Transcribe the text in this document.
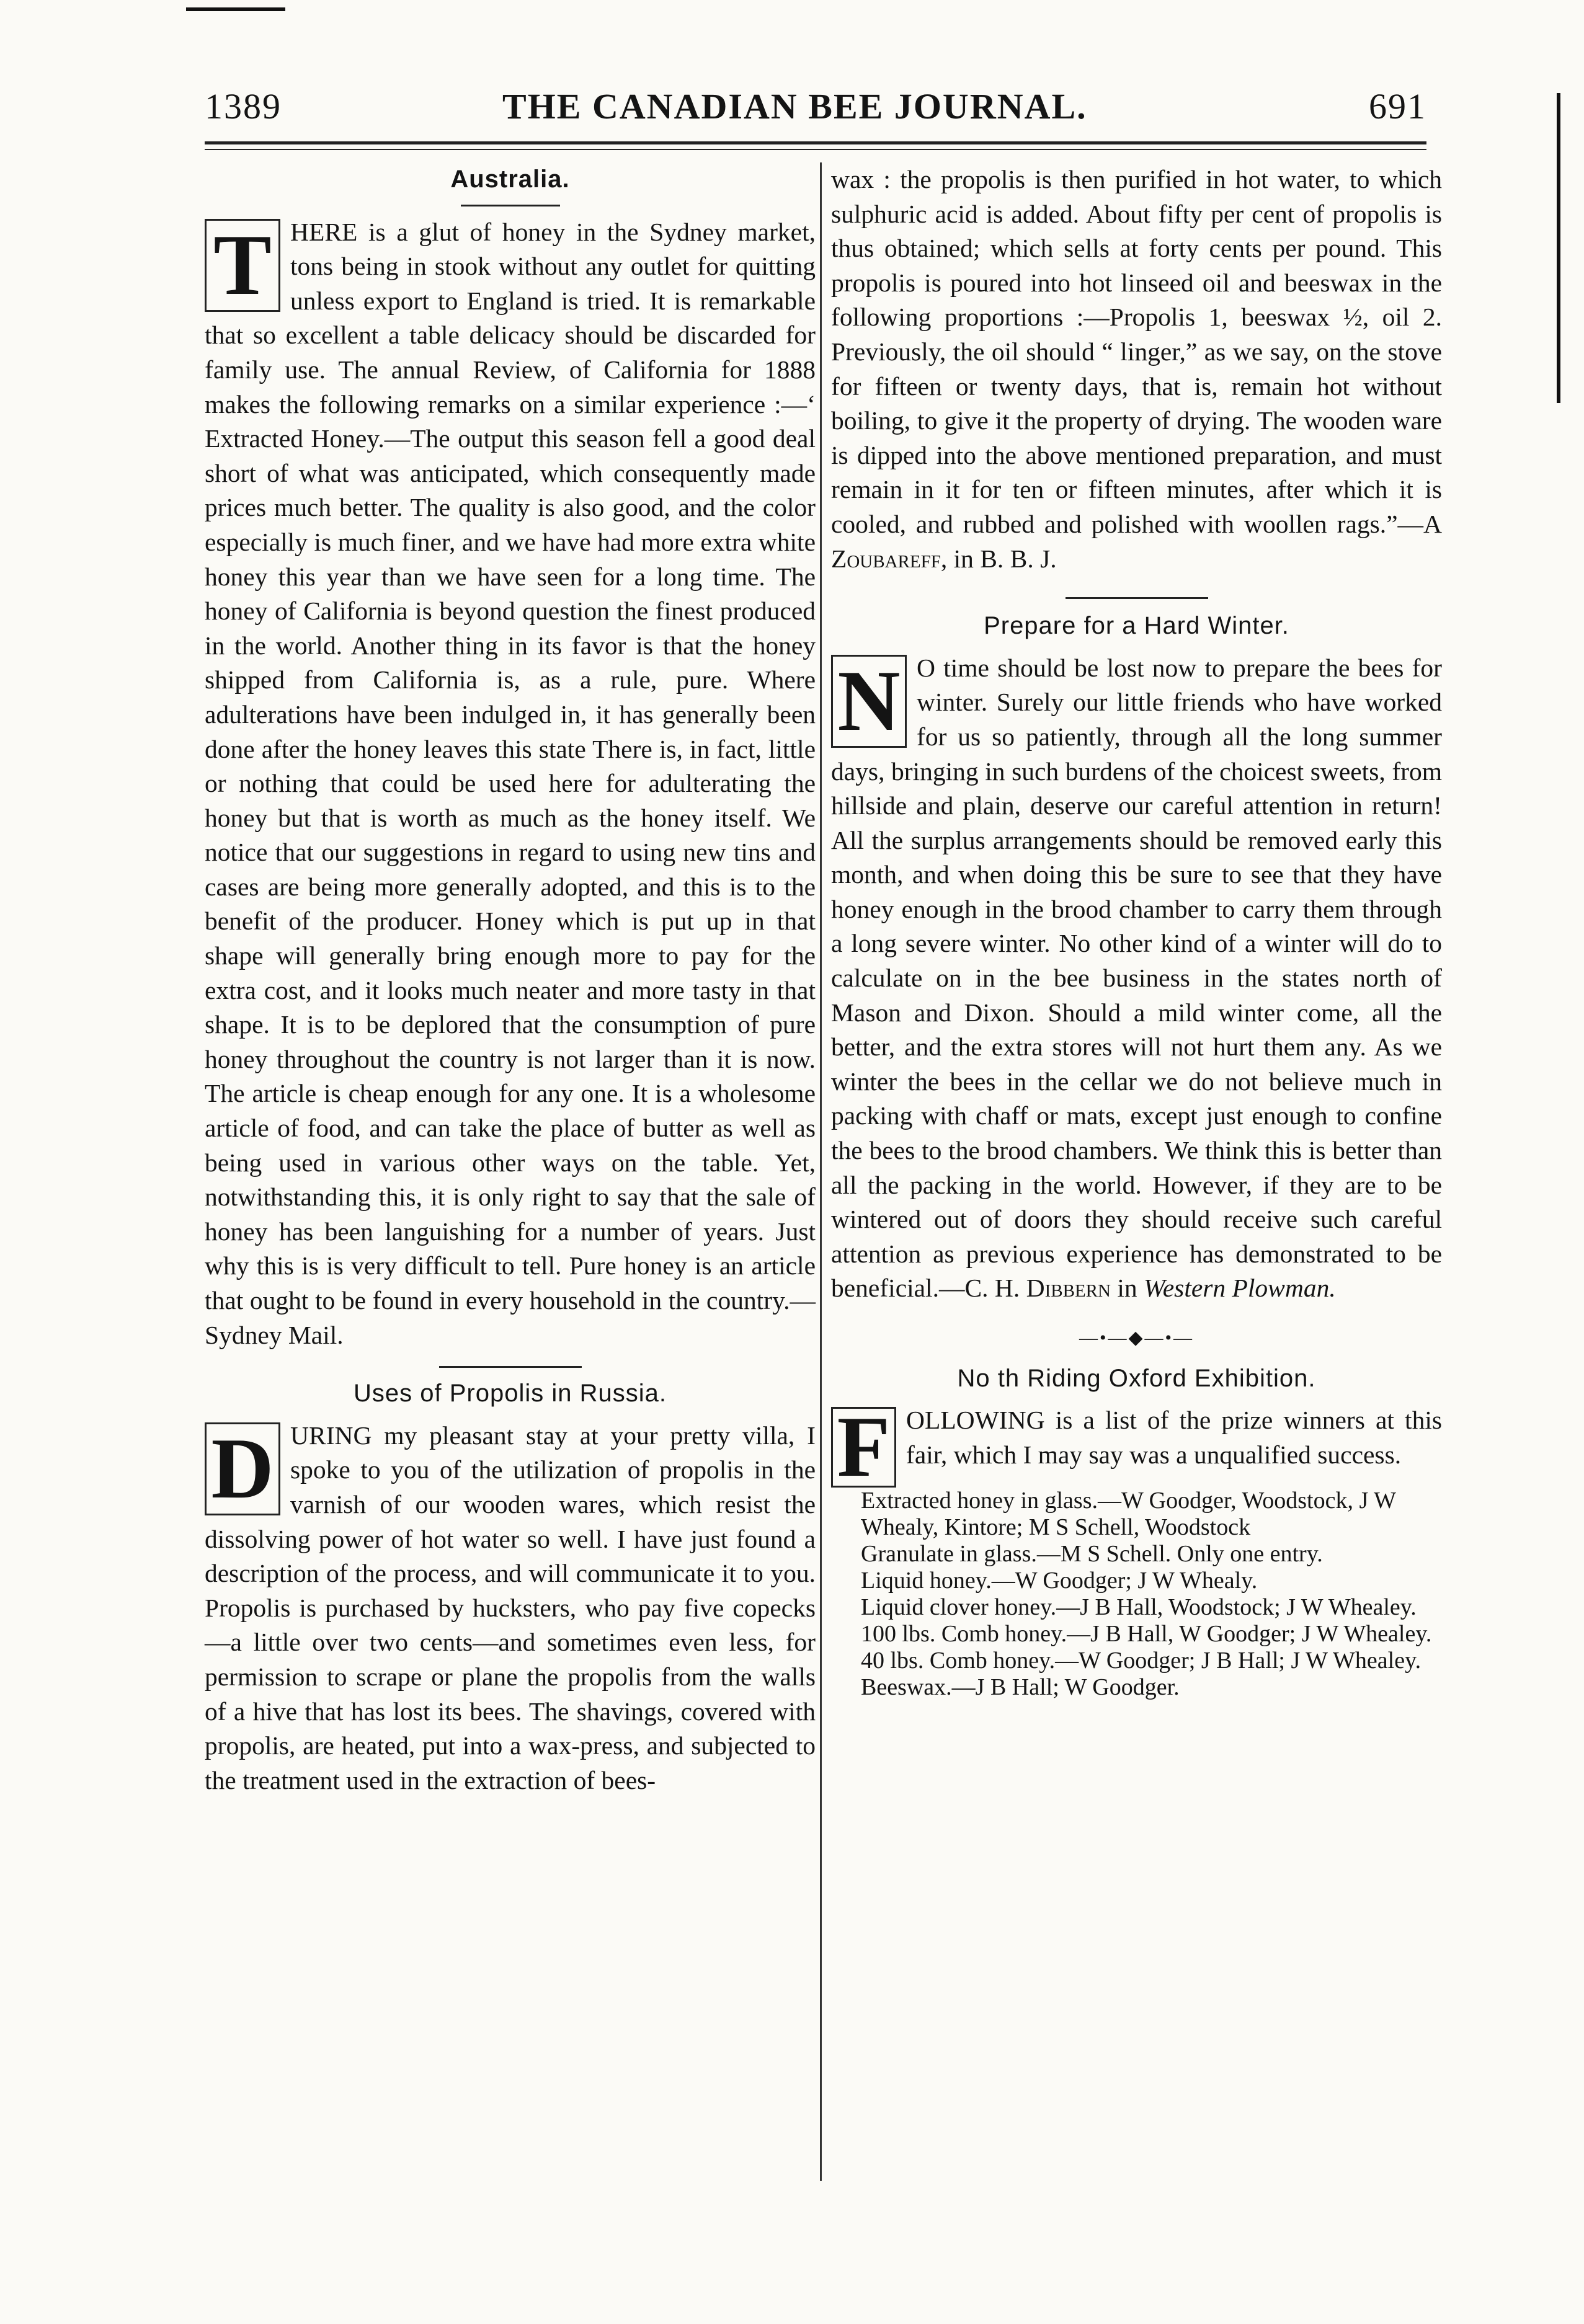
1389	THE CANADIAN BEE JOURNAL.	691
Australia.

T HERE is a glut of honey in the Sydney market, tons being in stook without any outlet for quitting unless export to England is tried. It is remarkable that so excellent a table delicacy should be discarded for family use. The annual Review, of California for 1888 makes the following remarks on a similar experience :—‘ Extracted Honey.—The output this season fell a good deal short of what was anticipated, which consequently made prices much better. The quality is also good, and the color especially is much finer, and we have had more extra white honey this year than we have seen for a long time. The honey of California is beyond question the finest produced in the world. Another thing in its favor is that the honey shipped from California is, as a rule, pure. Where adulterations have been indulged in, it has generally been done after the honey leaves this state There is, in fact, little or nothing that could be used here for adulterating the honey but that is worth as much as the honey itself. We notice that our suggestions in regard to using new tins and cases are being more generally adopted, and this is to the benefit of the producer. Honey which is put up in that shape will generally bring enough more to pay for the extra cost, and it looks much neater and more tasty in that shape. It is to be deplored that the consumption of pure honey throughout the country is not larger than it is now. The article is cheap enough for any one. It is a wholesome article of food, and can take the place of butter as well as being used in various other ways on the table. Yet, notwithstanding this, it is only right to say that the sale of honey has been languishing for a number of years. Just why this is is very difficult to tell. Pure honey is an article that ought to be found in every household in the country.—Sydney Mail.

Uses of Propolis in Russia.

D URING my pleasant stay at your pretty villa, I spoke to you of the utilization of propolis in the varnish of our wooden wares, which resist the dissolving power of hot water so well. I have just found a description of the process, and will communicate it to you. Propolis is purchased by hucksters, who pay five copecks—a little over two cents—and sometimes even less, for permission to scrape or plane the propolis from the walls of a hive that has lost its bees. The shavings, covered with propolis, are heated, put into a wax-press, and subjected to the treatment used in the extraction of bees-

wax : the propolis is then purified in hot water, to which sulphuric acid is added. About fifty per cent of propolis is thus obtained; which sells at forty cents per pound. This propolis is poured into hot linseed oil and beeswax in the following proportions :—Propolis 1, beeswax ½, oil 2. Previously, the oil should “ linger,” as we say, on the stove for fifteen or twenty days, that is, remain hot without boiling, to give it the property of drying. The wooden ware is dipped into the above mentioned preparation, and must remain in it for ten or fifteen minutes, after which it is cooled, and rubbed and polished with woollen rags.”—A Zoubareff, in B. B. J.

Prepare for a Hard Winter.

N O time should be lost now to prepare the bees for winter. Surely our little friends who have worked for us so patiently, through all the long summer days, bringing in such burdens of the choicest sweets, from hillside and plain, deserve our careful attention in return! All the surplus arrangements should be removed early this month, and when doing this be sure to see that they have honey enough in the brood chamber to carry them through a long severe winter. No other kind of a winter will do to calculate on in the bee business in the states north of Mason and Dixon. Should a mild winter come, all the better, and the extra stores will not hurt them any. As we winter the bees in the cellar we do not believe much in packing with chaff or mats, except just enough to confine the bees to the brood chambers. We think this is better than all the packing in the world. However, if they are to be wintered out of doors they should receive such careful attention as previous experience has demonstrated to be beneficial.—C. H. Dibbern in Western Plowman.

—•—◆—•—
No th Riding Oxford Exhibition.

F OLLOWING is a list of the prize winners at this fair, which I may say was a unqualified success.

Extracted honey in glass.—W Goodger, Woodstock, J W Whealy, Kintore; M S Schell, Woodstock

Granulate in glass.—M S Schell. Only one entry.

Liquid honey.—W Goodger; J W Whealy.

Liquid clover honey.—J B Hall, Woodstock; J W Whealey.

100 lbs. Comb honey.—J B Hall, W Goodger; J W Whealey.

40 lbs. Comb honey.—W Goodger; J B Hall; J W Whealey.

Beeswax.—J B Hall; W Goodger.
